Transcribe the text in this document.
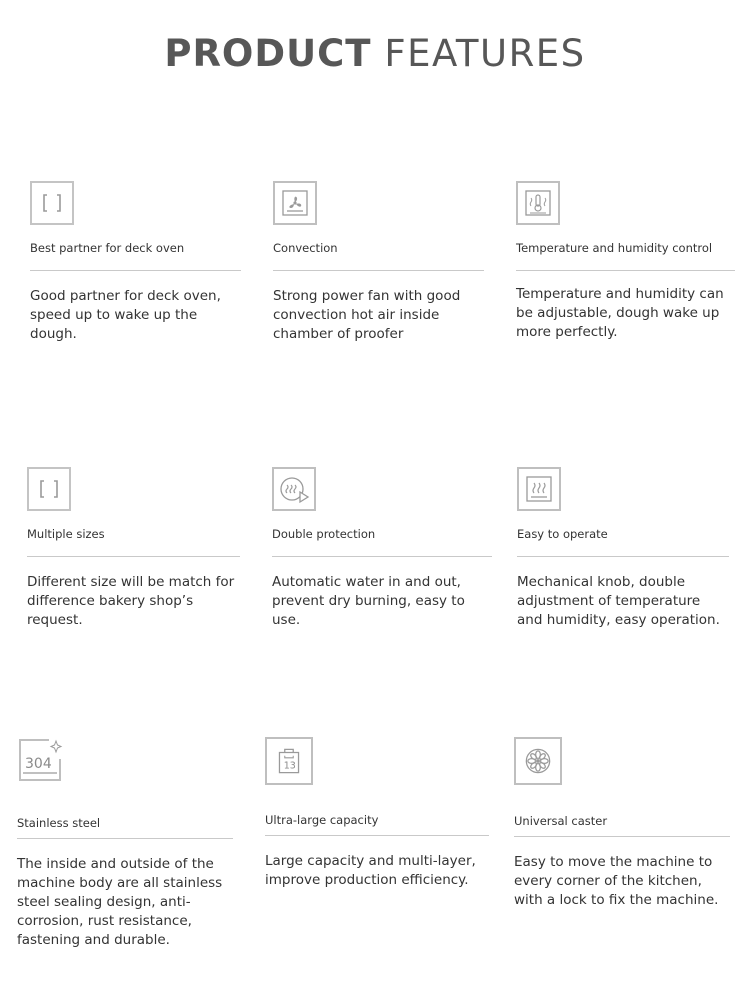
PRODUCT FEATURES
Best partner for deck oven
Good partner for deck oven, speed up to wake up the dough.
Convection
Strong power fan with good convection hot air inside chamber of proofer
Temperature and humidity control
Temperature and humidity can be adjustable, dough wake up more perfectly.
Multiple sizes
Different size will be match for difference bakery shop’s request.
Double protection
Automatic water in and out, prevent dry burning, easy to use.
Easy to operate
Mechanical knob, double adjustment of temperature and humidity, easy operation.
304
Stainless steel
The inside and outside of the machine body are all stainless steel sealing design, anti-corrosion, rust resistance, fastening and durable.
13
Ultra-large capacity
Large capacity and multi-layer, improve production efficiency.
Universal caster
Easy to move the machine to every corner of the kitchen, with a lock to fix the machine.
